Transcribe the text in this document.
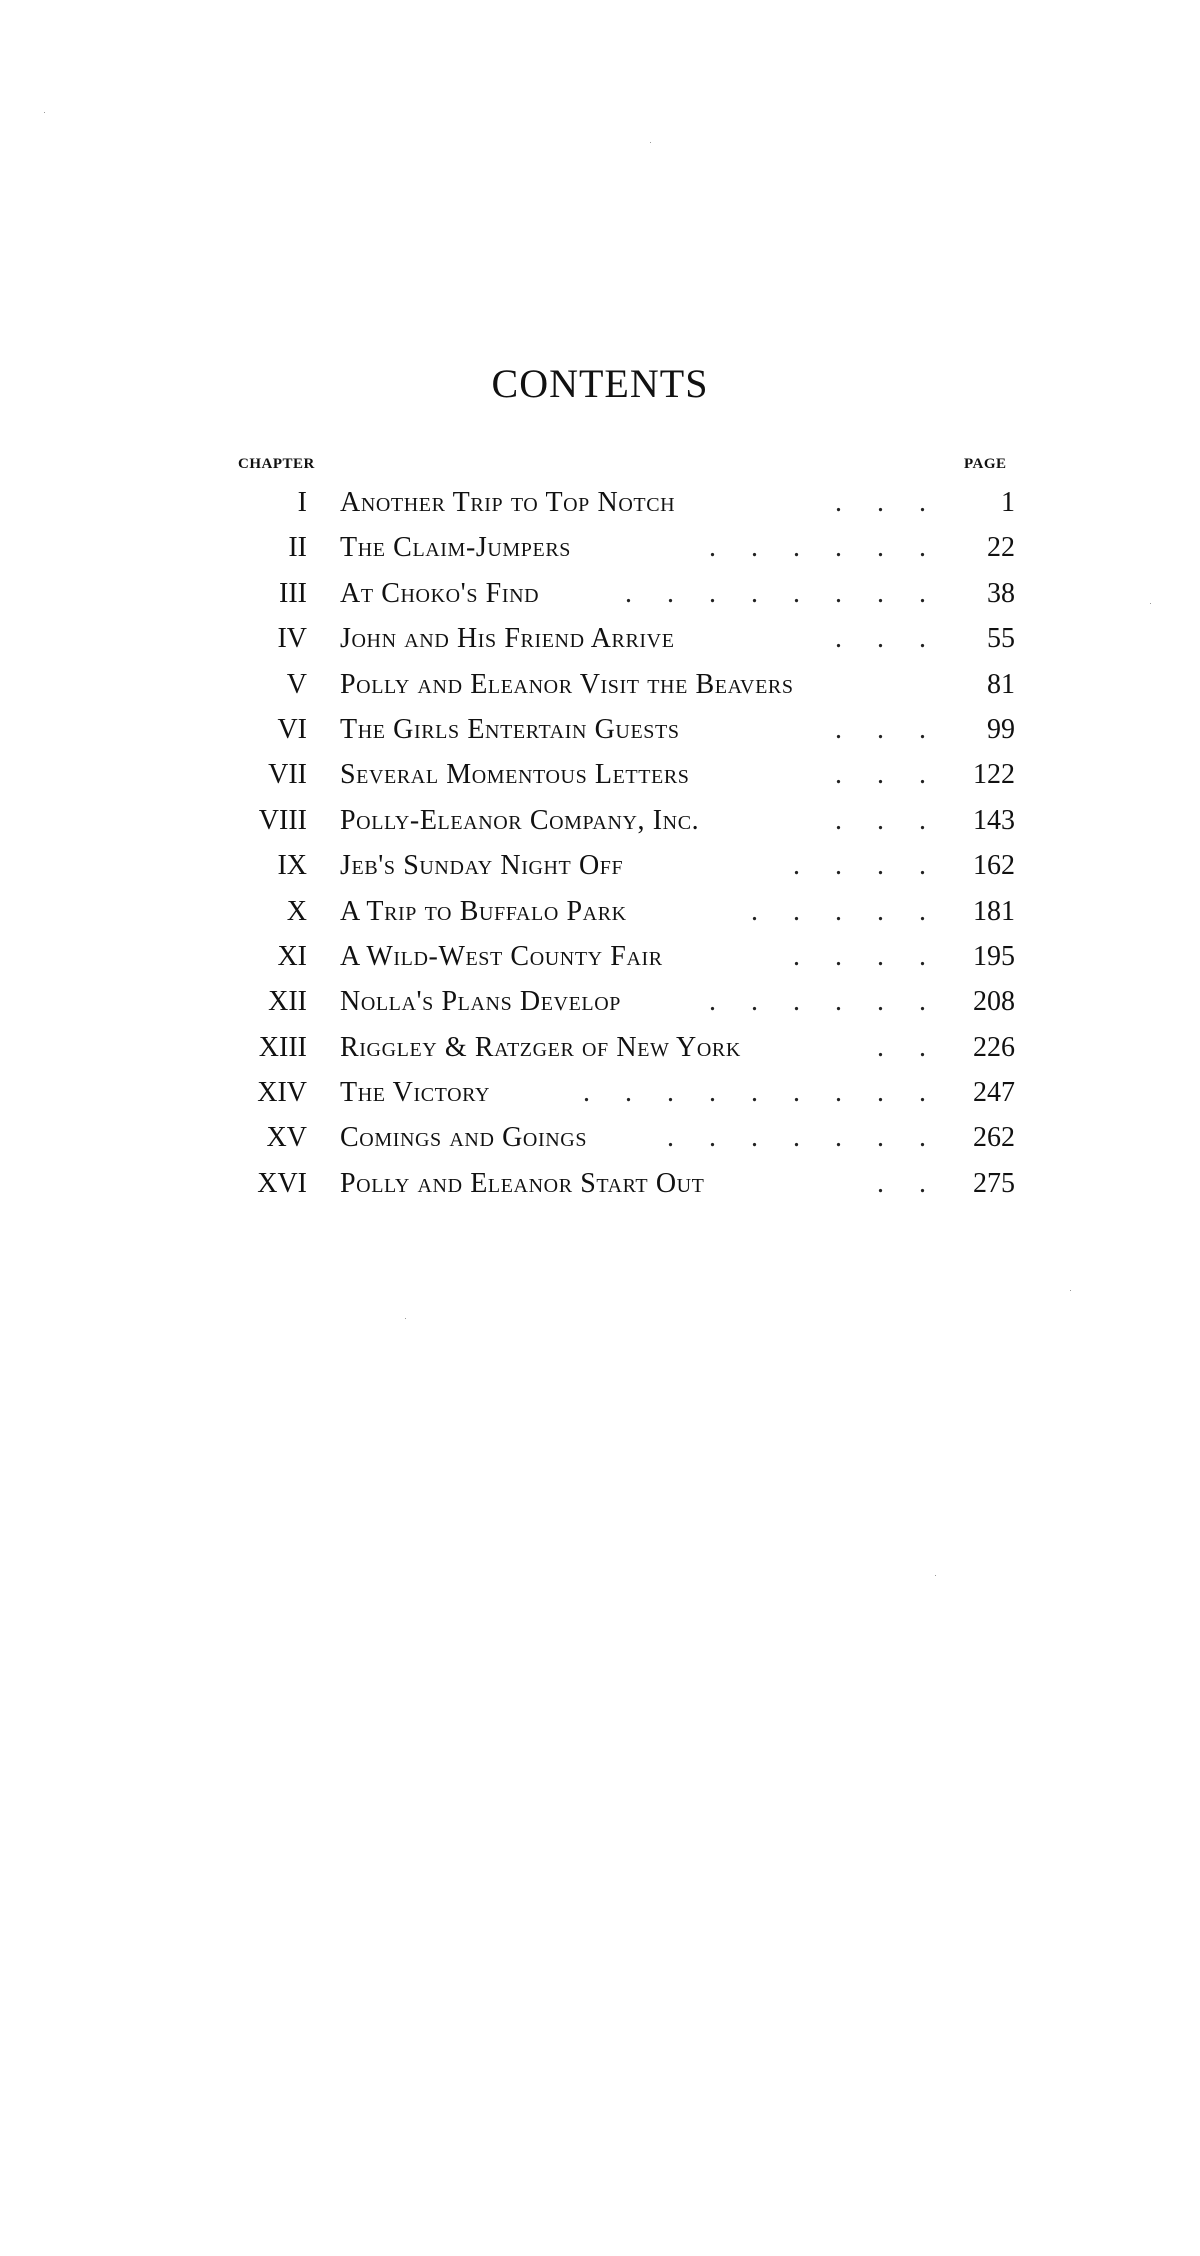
CONTENTS
CHAPTER	PAGE
I Another Trip to Top Notch	. . .	1
II The Claim-Jumpers	. . . . . .	22
III At Choko's Find	. . . . . . . .	38
IV John and His Friend Arrive	. . .	55
V Polly and Eleanor Visit the Beavers	81
VI The Girls Entertain Guests	. . .	99
VII Several Momentous Letters	. . .	122
VIII Polly-Eleanor Company, Inc.	. . .	143
IX Jeb's Sunday Night Off	. . . .	162
X A Trip to Buffalo Park	. . . . .	181
XI A Wild-West County Fair	. . . .	195
XII Nolla's Plans Develop	. . . . . .	208
XIII Riggley & Ratzger of New York	. .	226
XIV The Victory	. . . . . . . . .	247
XV Comings and Goings	. . . . . . .	262
XVI Polly and Eleanor Start Out	. .	275
